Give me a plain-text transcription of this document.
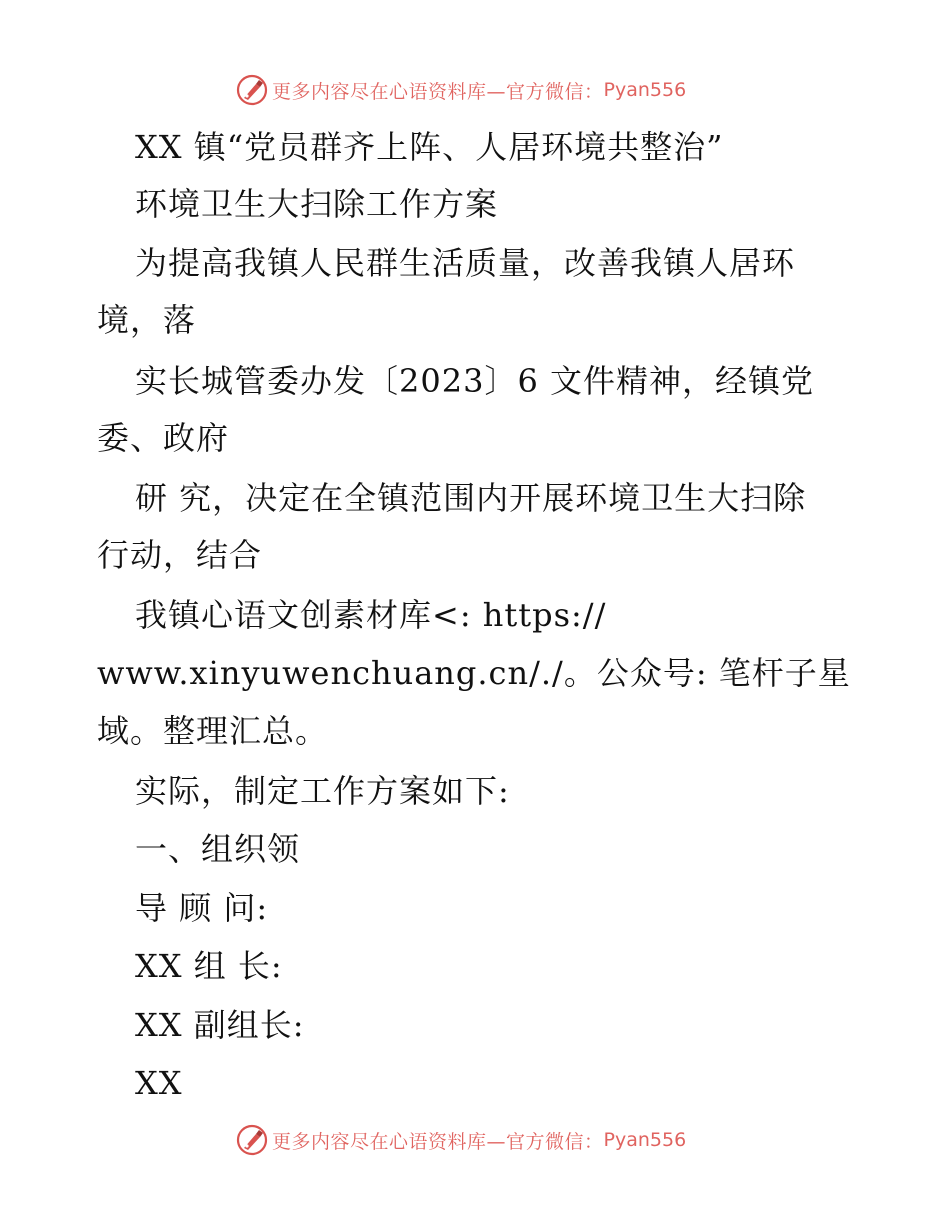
更多内容尽在心语资料库—官方微信： Pyan556
XX 镇“党员群齐上阵、人居环境共整治”
环境卫生大扫除工作方案
为提高我镇人民群生活质量，改善我镇人居环
境，落
实长城管委办发〔2023〕6 文件精神，经镇党
委、政府
研 究，决定在全镇范围内开展环境卫生大扫除
行动，结合
我镇心语文创素材库<: https://
www.xinyuwenchuang.cn/./。公众号: 笔杆子星
域。整理汇总。
实际，制定工作方案如下:
一、组织领
导 顾 问:
XX 组 长:
XX 副组长:
XX
更多内容尽在心语资料库—官方微信： Pyan556
